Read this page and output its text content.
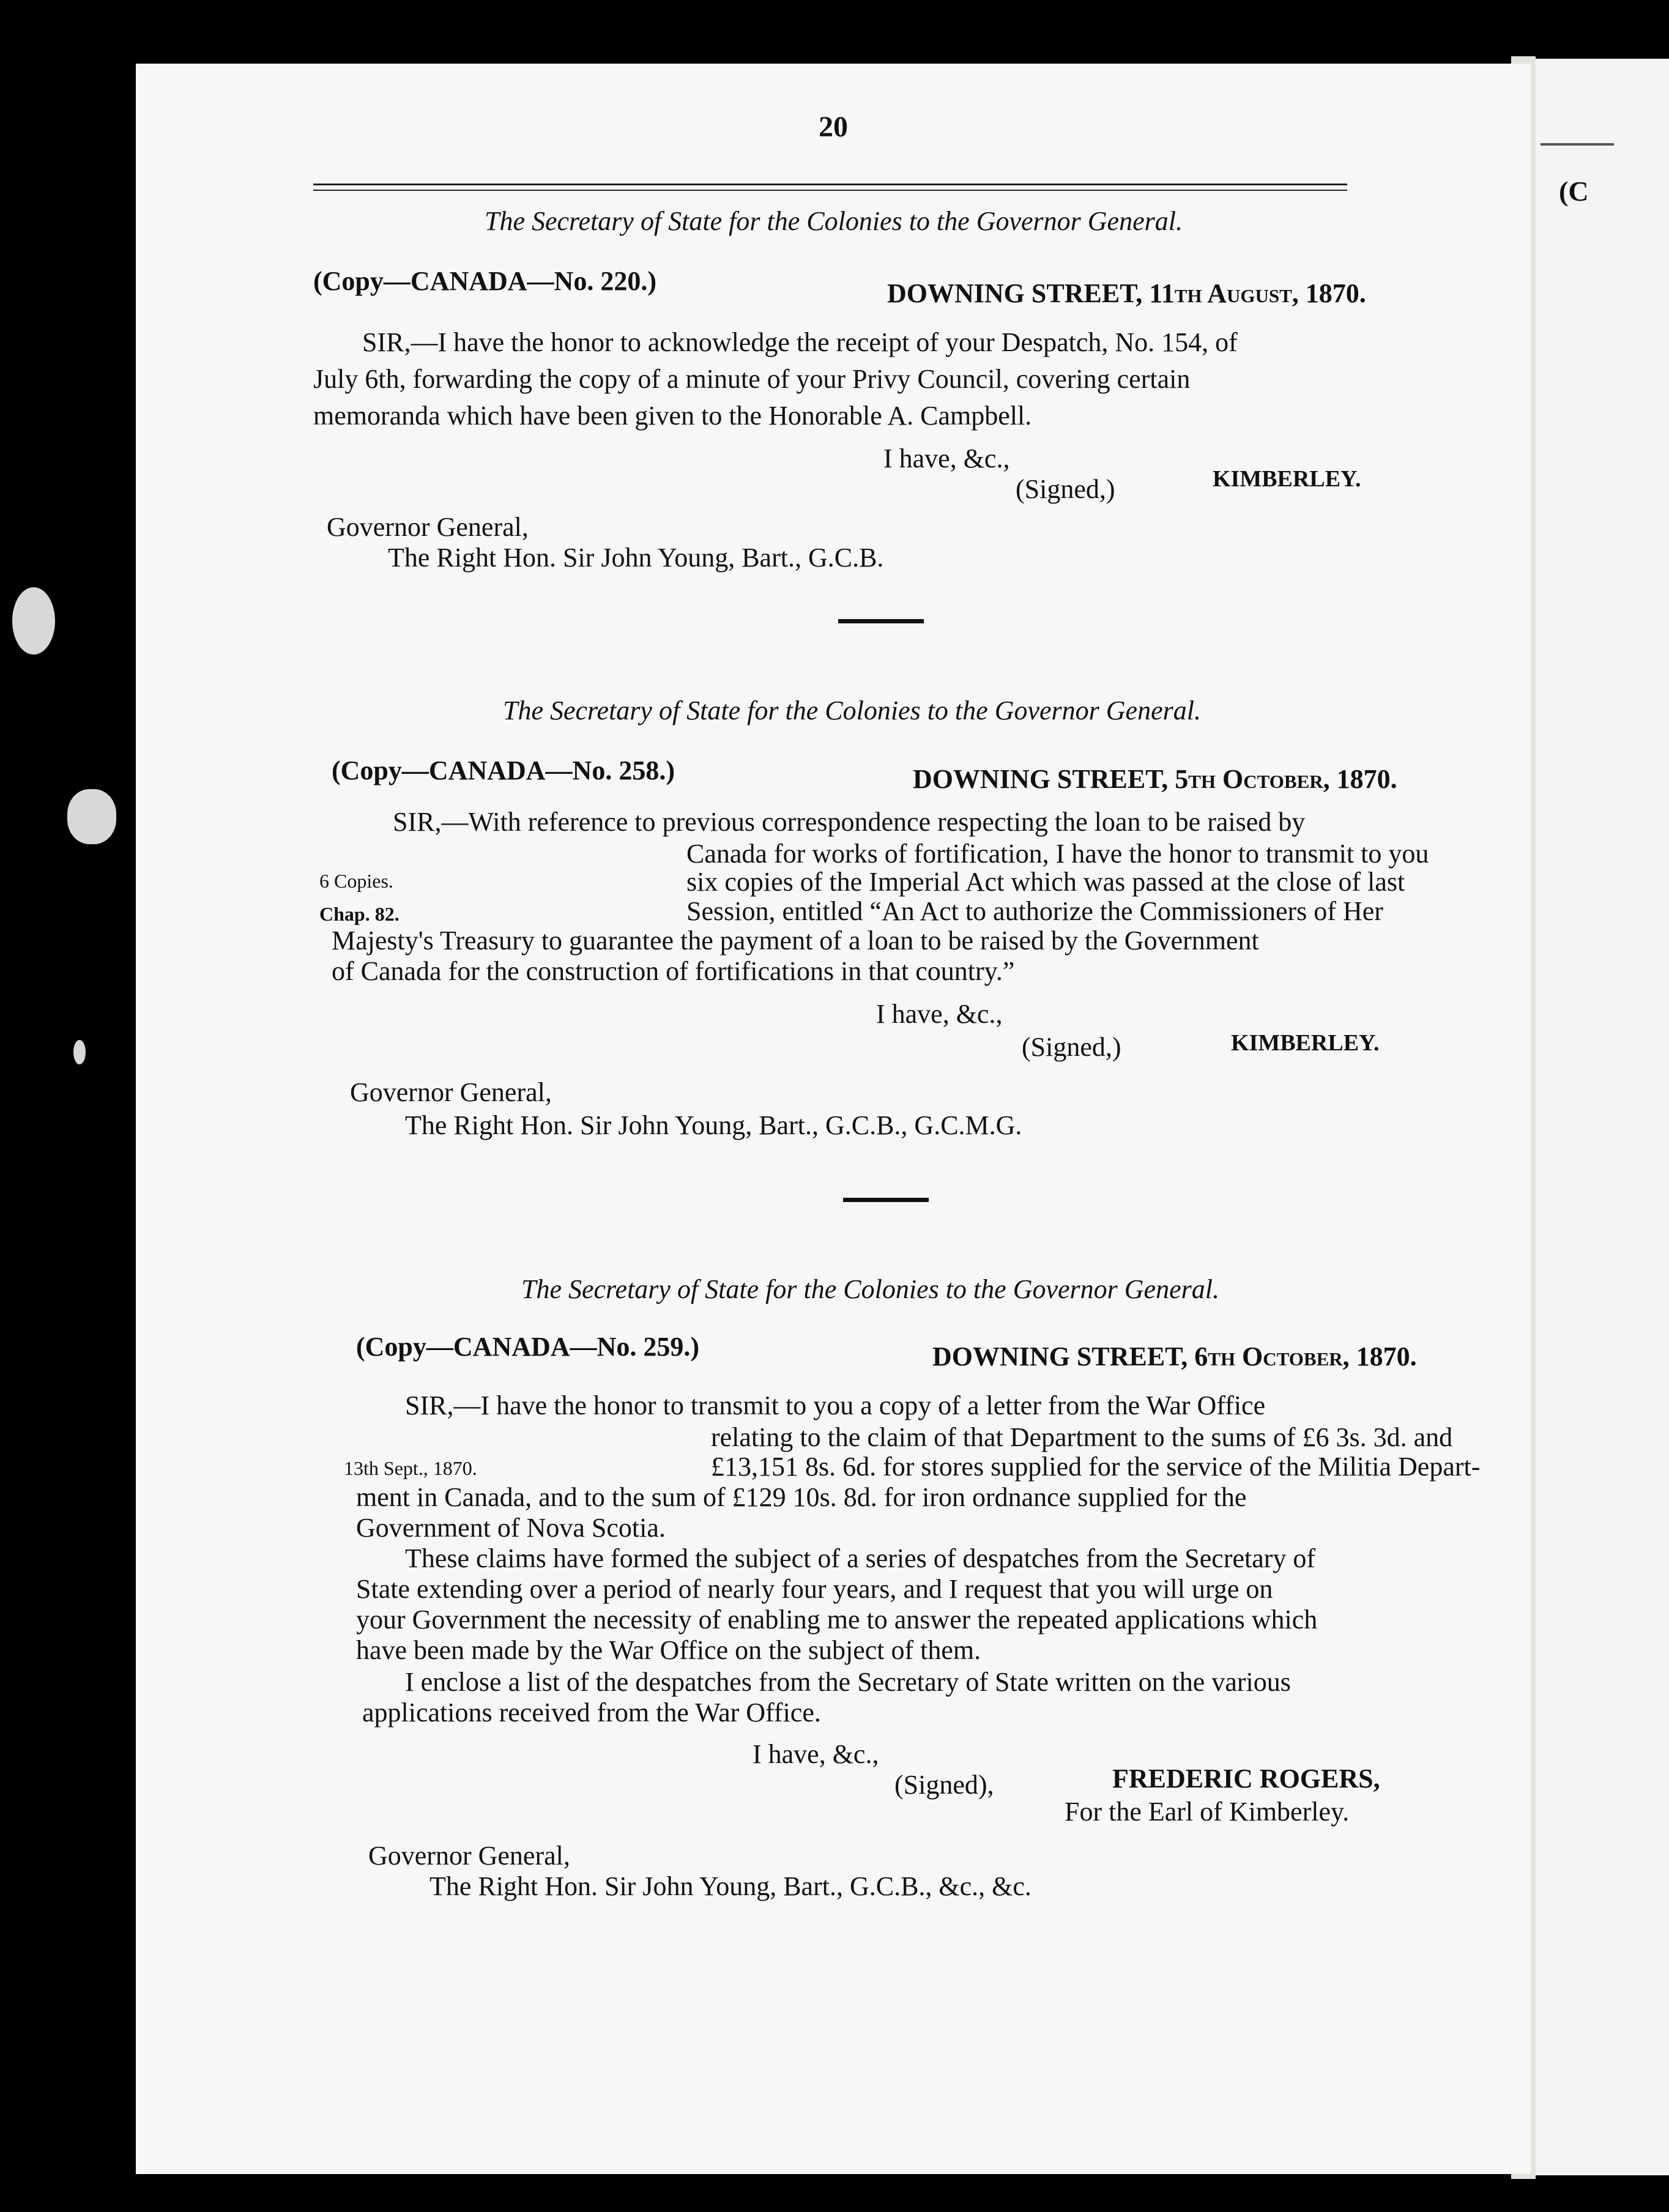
(C
20
The Secretary of State for the Colonies to the Governor General.
(Copy—CANADA—No. 220.)	DOWNING STREET, 11th August, 1870.
SIR,—I have the honor to acknowledge the receipt of your Despatch, No. 154, of
July 6th, forwarding the copy of a minute of your Privy Council, covering certain
memoranda which have been given to the Honorable A. Campbell.
I have, &c.,
(Signed,)	KIMBERLEY.
Governor General,
The Right Hon. Sir John Young, Bart., G.C.B.
The Secretary of State for the Colonies to the Governor General.
(Copy—CANADA—No. 258.)	DOWNING STREET, 5th October, 1870.
SIR,—With reference to previous correspondence respecting the loan to be raised by
Canada for works of fortification, I have the honor to transmit to you
6 Copies.	six copies of the Imperial Act which was passed at the close of last
Chap. 82.	Session, entitled “An Act to authorize the Commissioners of Her
Majesty's Treasury to guarantee the payment of a loan to be raised by the Government
of Canada for the construction of fortifications in that country.”
I have, &c.,
(Signed,)	KIMBERLEY.
Governor General,
The Right Hon. Sir John Young, Bart., G.C.B., G.C.M.G.
The Secretary of State for the Colonies to the Governor General.
(Copy—CANADA—No. 259.)	DOWNING STREET, 6th October, 1870.
SIR,—I have the honor to transmit to you a copy of a letter from the War Office
relating to the claim of that Department to the sums of £6 3s. 3d. and
13th Sept., 1870.	£13,151 8s. 6d. for stores supplied for the service of the Militia Depart-
ment in Canada, and to the sum of £129 10s. 8d. for iron ordnance supplied for the
Government of Nova Scotia.
These claims have formed the subject of a series of despatches from the Secretary of
State extending over a period of nearly four years, and I request that you will urge on
your Government the necessity of enabling me to answer the repeated applications which
have been made by the War Office on the subject of them.
I enclose a list of the despatches from the Secretary of State written on the various
applications received from the War Office.
I have, &c.,
(Signed),	FREDERIC ROGERS,
For the Earl of Kimberley.
Governor General,
The Right Hon. Sir John Young, Bart., G.C.B., &c., &c.
